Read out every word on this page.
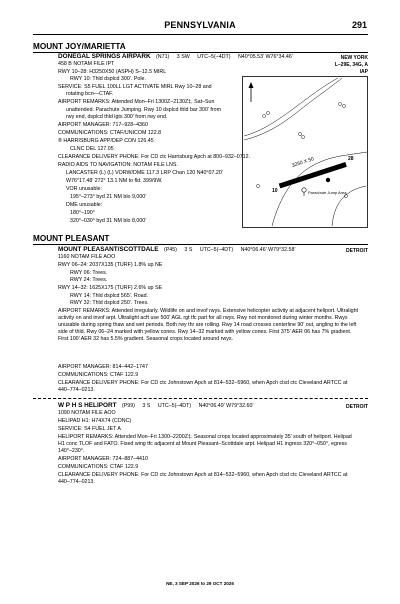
PENNSYLVANIA	291
MOUNT JOY/MARIETTA
DONEGAL SPRINGS AIRPARK (N71) 3 SW UTC–5(–4DT) N40°05.53’ W76°34.46’	NEW YORK
L–29E, 34G, A
IAP
458 B NOTAM FILE IPT
RWY 10–28: H3250X50 (ASPH) S–12.5 MIRL
RWY 10: Thld dsplcd 300’. Pole.
SERVICE: S5 FUEL 100LL LGT ACTIVATE MIRL Rwy 10–28 and
rotating bcn—CTAF.
AIRPORT REMARKS: Attended Mon–Fri 1300Z–2130Z‡, Sat–Sun
unattended. Parachute Jumping. Rwy 10 dsplcd thld bar 300’ from
rwy end, dsplcd thld lgts 300’ from rwy end.
AIRPORT MANAGER: 717–928–4360
COMMUNICATIONS: CTAF/UNICOM 122.8
® HARRISBURG APP/DEP CON 126.45
CLNC DEL 127.05
CLEARANCE DELIVERY PHONE: For CD ctc Harrisburg Apch at 800–932–0712.
RADIO AIDS TO NAVIGATION: NOTAM FILE LNS.
LANCASTER (L) (L) VORW/DME 117.3 LRP Chan 120 N40°07.20’
W76°17.48’ 272° 13.1 NM to fld. 399/9W.
VOR unusable:
195°–273° byd 21 NM blo 9,000’
DME unusable:
180°–190°
320°–030° byd 31 NM blo 8,000’
3250 X 50
10
28
Parachute Jump Area
MOUNT PLEASANT
MOUNT PLEASANT/SCOTTDALE (P45) 3 S UTC–5(–4DT) N40°06.46’ W79°32.58’	DETROIT
1160 NOTAM FILE AOO
RWY 06–24: 2037X135 (TURF) 1.8% up NE
RWY 06: Trees.
RWY 24: Trees.
RWY 14–32: 1625X175 (TURF) 2.6% up SE
RWY 14: Thld dsplcd 565’. Road.
RWY 32: Thld dsplcd 250’. Trees.
AIRPORT REMARKS: Attended irregularly. Wildlife on and invof rwys. Extensive helicopter activity at adjacent heliport. Ultralight activity on and invof arpt. Ultralight acft use 500’ AGL rgt tfc part for all rwys. Rwy not monitored during winter months. Rwys unusable during spring thaw and wet periods. Both rwy thr are rolling. Rwy 14 road crosses centerline 90’ out, angling to the left side of thld. Rwy 06–24 marked with yellow cones. Rwy 14–32 marked with yellow cones. First 375’ AER 06 has 7% gradient. First 100’ AER 32 has 5.5% gradient. Seasonal crops located around rwys.
AIRPORT MANAGER: 814–442–1747
COMMUNICATIONS: CTAF 122.9
CLEARANCE DELIVERY PHONE: For CD ctc Johnstown Apch at 814–532–5960, when Apch clsd ctc Cleveland ARTCC at 440–774–0213.
W P H S HELIPORT (P99) 3 S UTC–5(–4DT) N40°06.49’ W79°32.60’	DETROIT
1090 NOTAM FILE AOO
HELIPAD H1: H74X74 (CONC)
SERVICE: S4 FUEL JET A
HELIPORT REMARKS: Attended Mon–Fri 1300–2200Z‡. Seasonal crops located approximately 35’ south of heliport. Helipad H1 conc TLOF and FATO. Fixed wing tfc adjacent at Mount Pleasant–Scottdale arpt. Helipad H1 ingress 320°–050°, egress 140°–230°.
AIRPORT MANAGER: 724–887–4410
COMMUNICATIONS: CTAF 122.9
CLEARANCE DELIVERY PHONE: For CD ctc Johnstown Apch at 814–532–5960, when Apch clsd ctc Cleveland ARTCC at 440–774–0213.
NE, 3 SEP 2026 to 29 OCT 2026
